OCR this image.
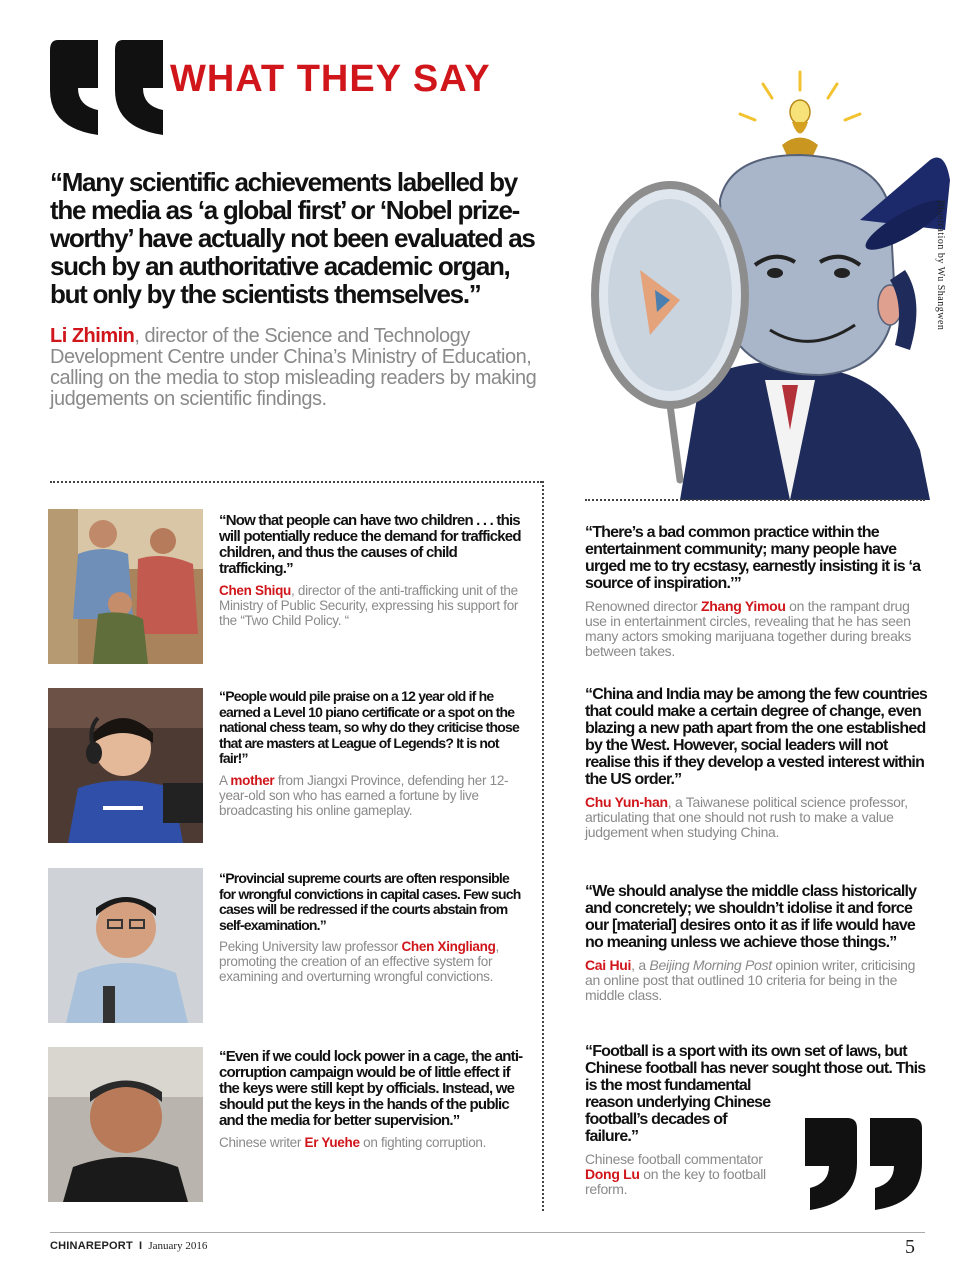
WHAT THEY SAY

“Many scientific achievements labelled by the media as ‘a global first’ or ‘Nobel prize-worthy’ have actually not been evaluated as such by an authoritative academic organ, but only by the scientists themselves.”

Li Zhimin, director of the Science and Technology Development Centre under China’s Ministry of Education, calling on the media to stop misleading readers by making judgements on scientific findings.

Illustration by Wu Shangwen

“Now that people can have two children . . . this will potentially reduce the demand for trafficked children, and thus the causes of child trafficking.”

Chen Shiqu, director of the anti-trafficking unit of the Ministry of Public Security, expressing his support for the “Two Child Policy. “

“People would pile praise on a 12 year old if he earned a Level 10 piano certificate or a spot on the national chess team, so why do they criticise those that are masters at League of Legends? It is not fair!”

A mother from Jiangxi Province, defending her 12-year-old son who has earned a fortune by live broadcasting his online gameplay.

“Provincial supreme courts are often responsible for wrongful convictions in capital cases. Few such cases will be redressed if the courts abstain from self-examination.”

Peking University law professor Chen Xingliang, promoting the creation of an effective system for examining and overturning wrongful convictions.

“Even if we could lock power in a cage, the anti-corruption campaign would be of little effect if the keys were still kept by officials. Instead, we should put the keys in the hands of the public and the media for better supervision.”

Chinese writer Er Yuehe on fighting corruption.

“There’s a bad common practice within the entertainment community; many people have urged me to try ecstasy, earnestly insisting it is ‘a source of inspiration.’”

Renowned director Zhang Yimou on the rampant drug use in entertainment circles, revealing that he has seen many actors smoking marijuana together during breaks between takes.

“China and India may be among the few countries that could make a certain degree of change, even blazing a new path apart from the one established by the West. However, social leaders will not realise this if they develop a vested interest within the US order.”

Chu Yun-han, a Taiwanese political science professor, articulating that one should not rush to make a value judgement when studying China.

“We should analyse the middle class historically and concretely; we shouldn’t idolise it and force our [material] desires onto it as if life would have no meaning unless we achieve those things.”

Cai Hui, a Beijing Morning Post opinion writer, criticising an online post that outlined 10 criteria for being in the middle class.

“Football is a sport with its own set of laws, but Chinese football has never sought those out. This is the most fundamental reason underlying Chinese football’s decades of failure.”

Chinese football commentator Dong Lu on the key to football reform.

CHINAREPORT I January 2016	5
